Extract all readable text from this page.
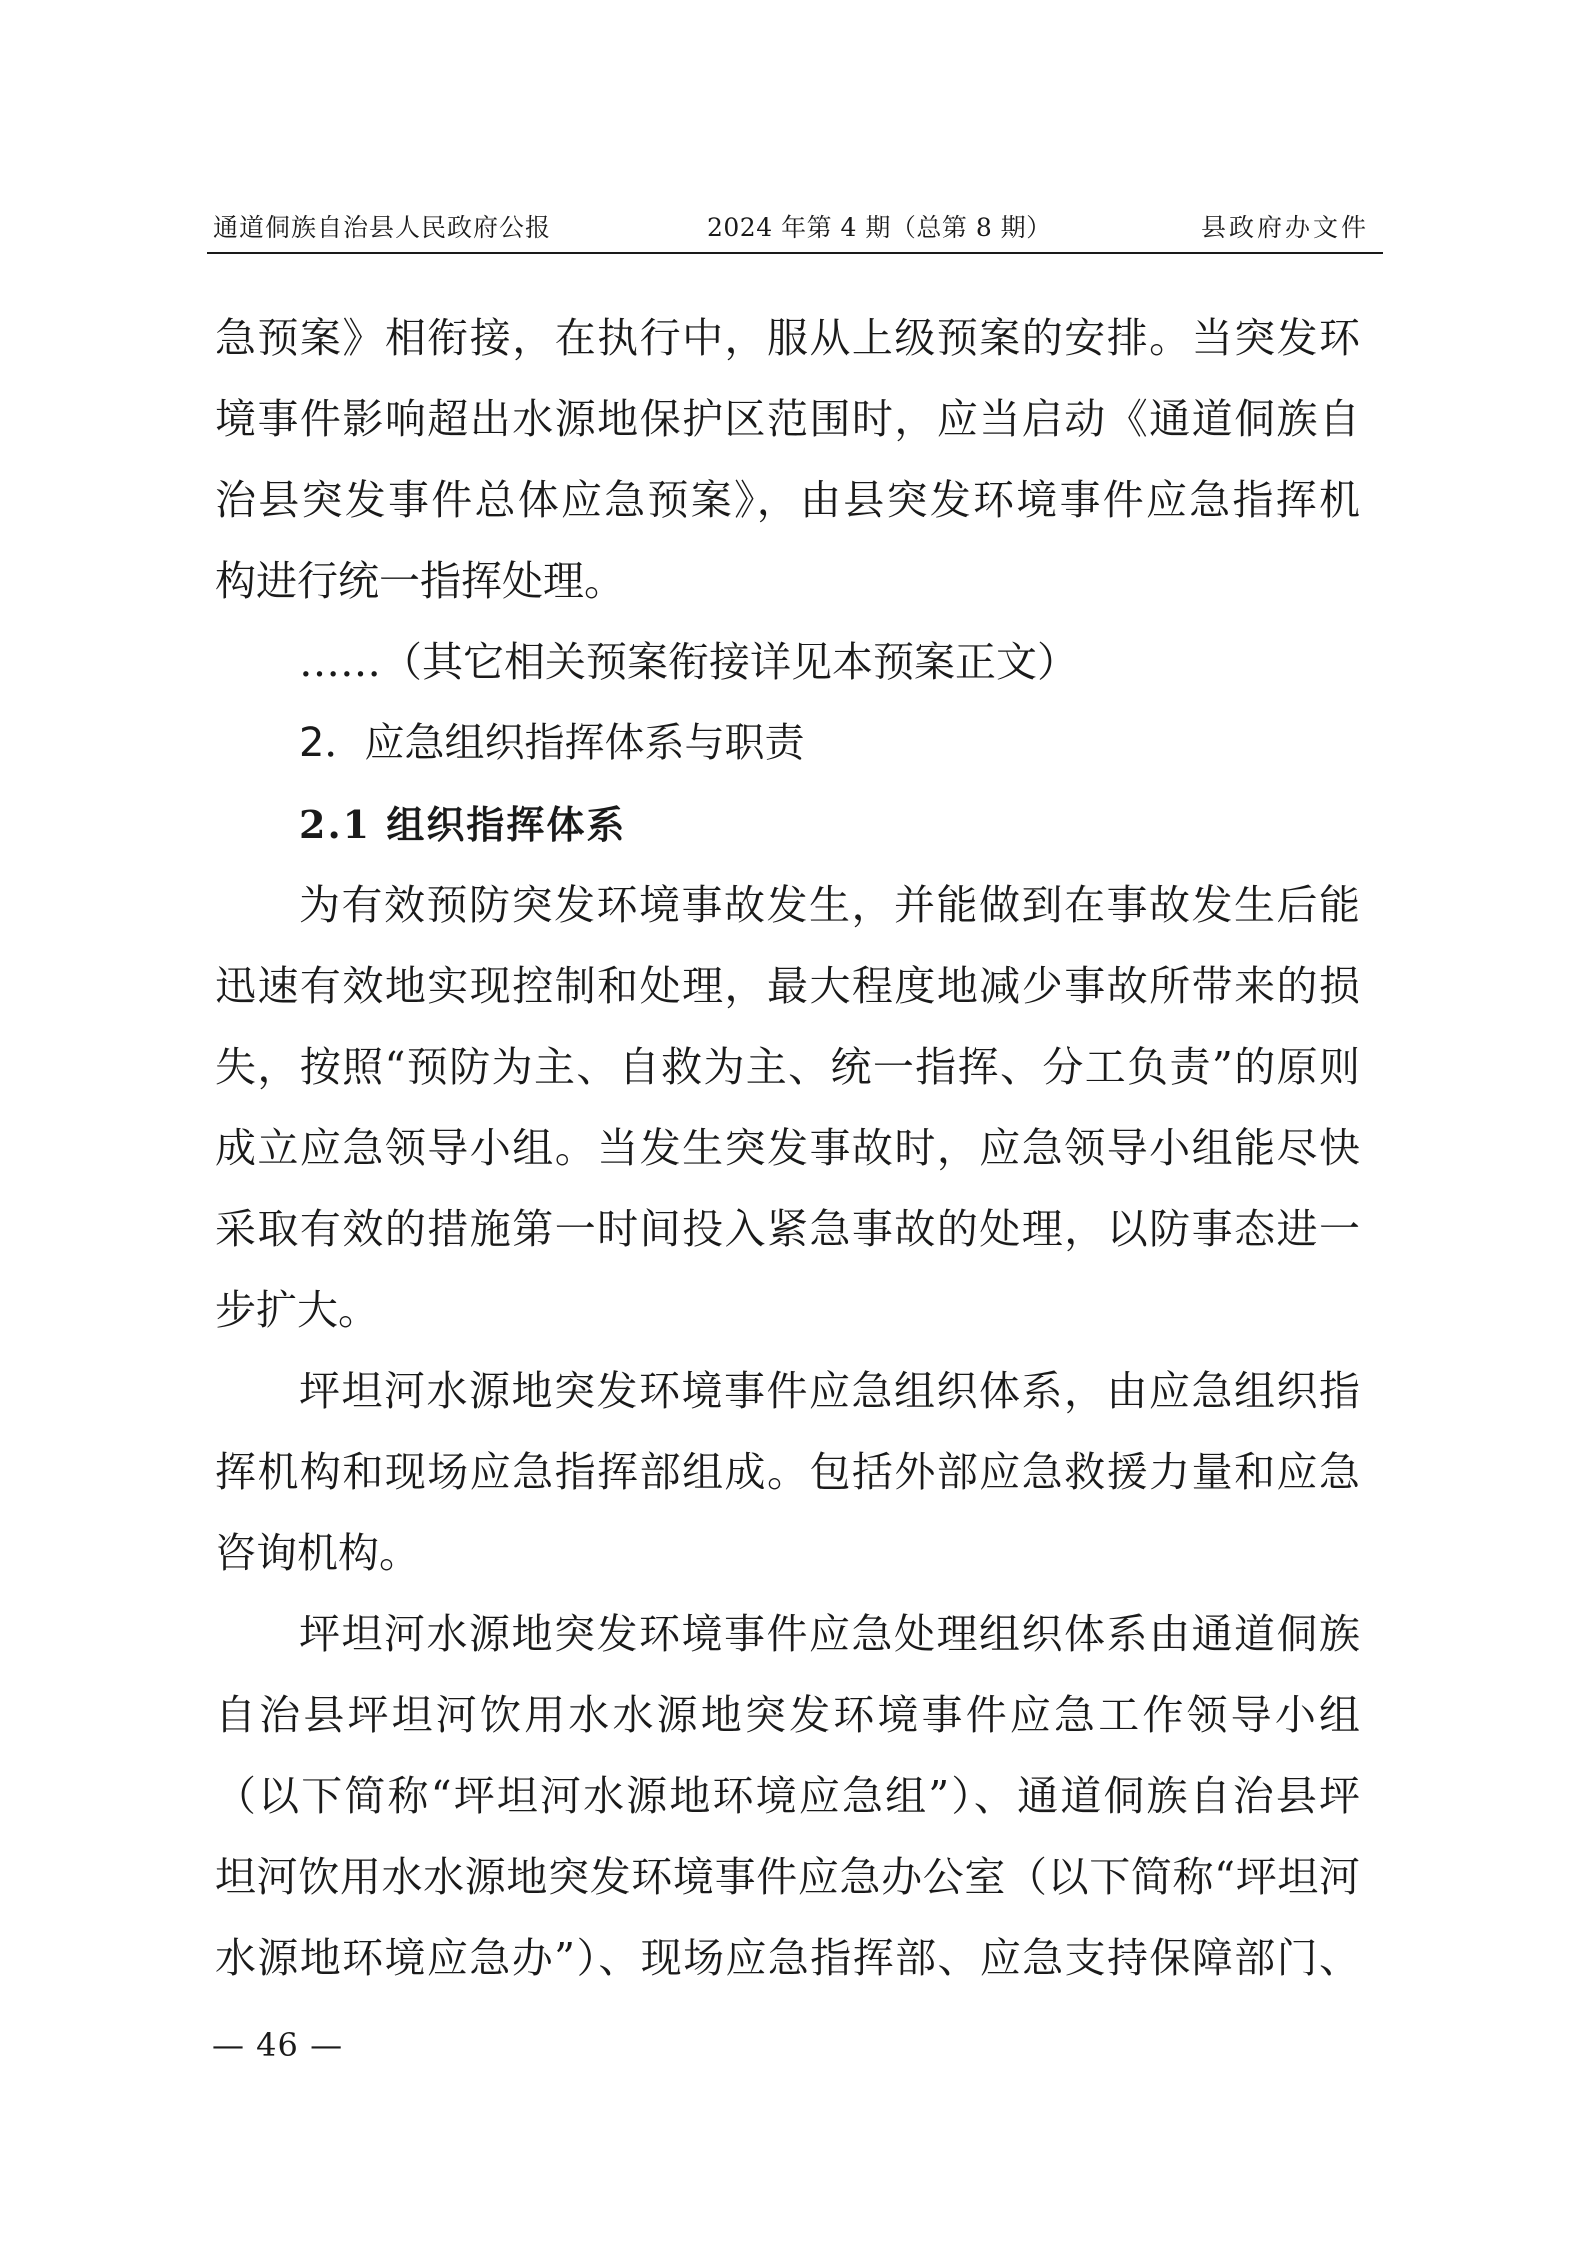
通道侗族自治县人民政府公报	2024 年第 4 期（总第 8 期）	县政府办文件
急预案》相衔接，在执行中，服从上级预案的安排。当突发环
境事件影响超出水源地保护区范围时，应当启动《通道侗族自
治县突发事件总体应急预案》，由县突发环境事件应急指挥机
构进行统一指挥处理。
……（其它相关预案衔接详见本预案正文）
2．应急组织指挥体系与职责
2.1 组织指挥体系
为有效预防突发环境事故发生，并能做到在事故发生后能
迅速有效地实现控制和处理，最大程度地减少事故所带来的损
失，按照“预防为主、自救为主、统一指挥、分工负责”的原则
成立应急领导小组。当发生突发事故时，应急领导小组能尽快
采取有效的措施第一时间投入紧急事故的处理，以防事态进一
步扩大。
坪坦河水源地突发环境事件应急组织体系，由应急组织指
挥机构和现场应急指挥部组成。包括外部应急救援力量和应急
咨询机构。
坪坦河水源地突发环境事件应急处理组织体系由通道侗族
自治县坪坦河饮用水水源地突发环境事件应急工作领导小组
（以下简称“坪坦河水源地环境应急组”）、通道侗族自治县坪
坦河饮用水水源地突发环境事件应急办公室（以下简称“坪坦河
水源地环境应急办”）、现场应急指挥部、应急支持保障部门、
— 46 —
